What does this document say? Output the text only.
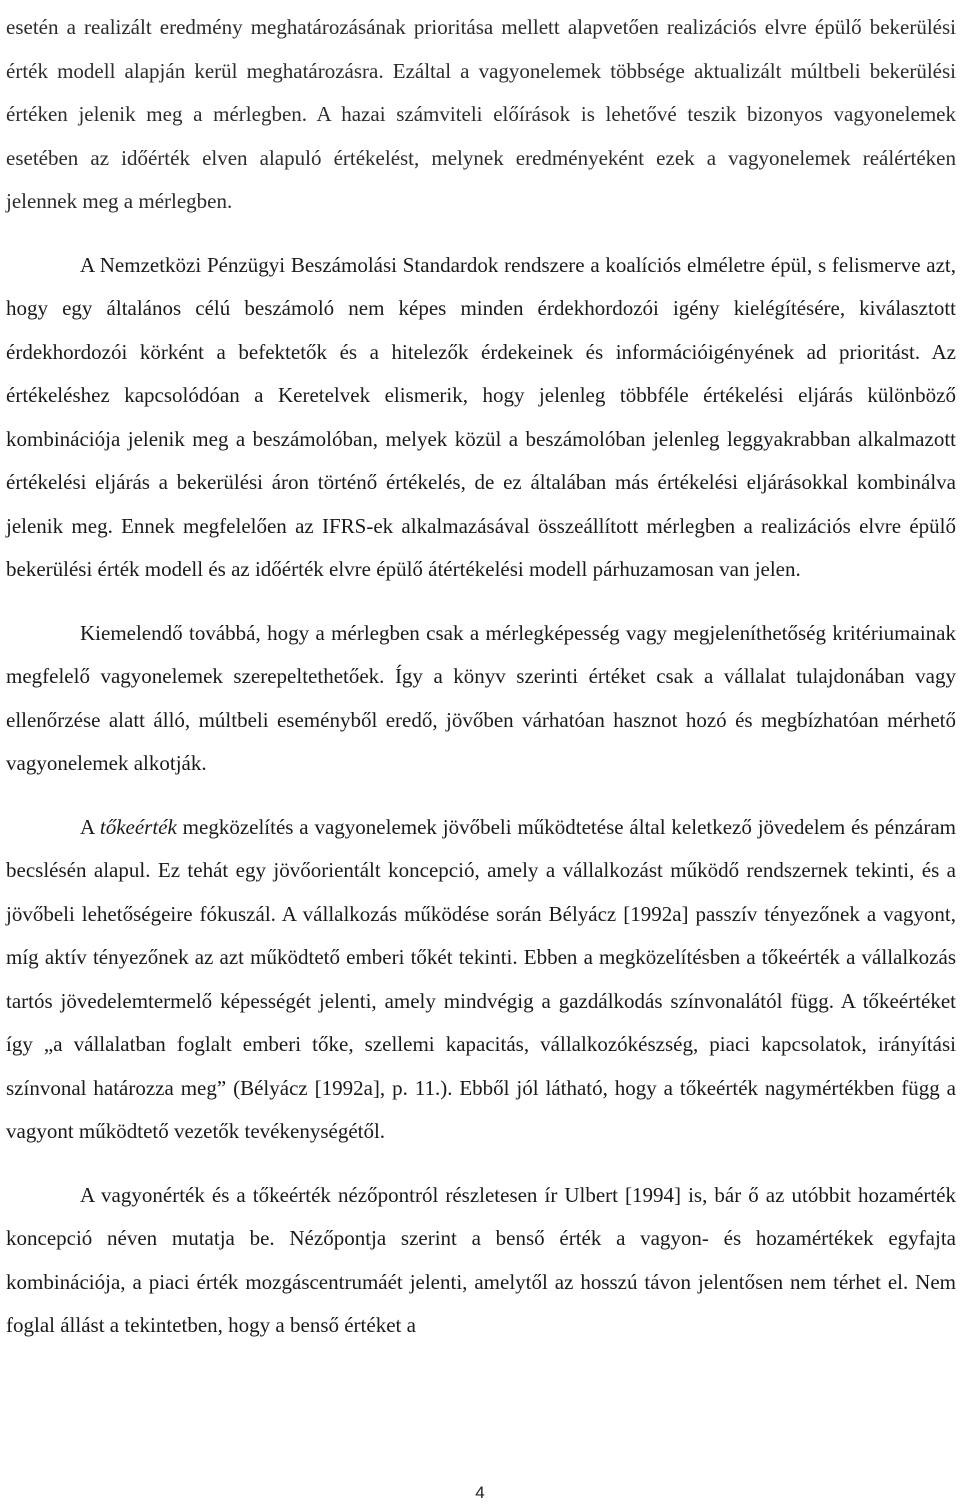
esetén a realizált eredmény meghatározásának prioritása mellett alapvetően realizációs elvre épülő bekerülési érték modell alapján kerül meghatározásra. Ezáltal a vagyonelemek többsége aktualizált múltbeli bekerülési értéken jelenik meg a mérlegben. A hazai számviteli előírások is lehetővé teszik bizonyos vagyonelemek esetében az időérték elven alapuló értékelést, melynek eredményeként ezek a vagyonelemek reálértéken jelennek meg a mérlegben.

A Nemzetközi Pénzügyi Beszámolási Standardok rendszere a koalíciós elméletre épül, s felismerve azt, hogy egy általános célú beszámoló nem képes minden érdekhordozói igény kielégítésére, kiválasztott érdekhordozói körként a befektetők és a hitelezők érdekeinek és információigényének ad prioritást. Az értékeléshez kapcsolódóan a Keretelvek elismerik, hogy jelenleg többféle értékelési eljárás különböző kombinációja jelenik meg a beszámolóban, melyek közül a beszámolóban jelenleg leggyakrabban alkalmazott értékelési eljárás a bekerülési áron történő értékelés, de ez általában más értékelési eljárásokkal kombinálva jelenik meg. Ennek megfelelően az IFRS-ek alkalmazásával összeállított mérlegben a realizációs elvre épülő bekerülési érték modell és az időérték elvre épülő átértékelési modell párhuzamosan van jelen.

Kiemelendő továbbá, hogy a mérlegben csak a mérlegképesség vagy megjeleníthetőség kritériumainak megfelelő vagyonelemek szerepeltethetőek. Így a könyv szerinti értéket csak a vállalat tulajdonában vagy ellenőrzése alatt álló, múltbeli eseményből eredő, jövőben várhatóan hasznot hozó és megbízhatóan mérhető vagyonelemek alkotják.

A tőkeérték megközelítés a vagyonelemek jövőbeli működtetése által keletkező jövedelem és pénzáram becslésén alapul. Ez tehát egy jövőorientált koncepció, amely a vállalkozást működő rendszernek tekinti, és a jövőbeli lehetőségeire fókuszál. A vállalkozás működése során Bélyácz [1992a] passzív tényezőnek a vagyont, míg aktív tényezőnek az azt működtető emberi tőkét tekinti. Ebben a megközelítésben a tőkeérték a vállalkozás tartós jövedelemtermelő képességét jelenti, amely mindvégig a gazdálkodás színvonalától függ. A tőkeértéket így „a vállalatban foglalt emberi tőke, szellemi kapacitás, vállalkozókészség, piaci kapcsolatok, irányítási színvonal határozza meg” (Bélyácz [1992a], p. 11.). Ebből jól látható, hogy a tőkeérték nagymértékben függ a vagyont működtető vezetők tevékenységétől.

A vagyonérték és a tőkeérték nézőpontról részletesen ír Ulbert [1994] is, bár ő az utóbbit hozamérték koncepció néven mutatja be. Nézőpontja szerint a benső érték a vagyon- és hozamértékek egyfajta kombinációja, a piaci érték mozgáscentrumáét jelenti, amelytől az hosszú távon jelentősen nem térhet el. Nem foglal állást a tekintetben, hogy a benső értéket a

4
